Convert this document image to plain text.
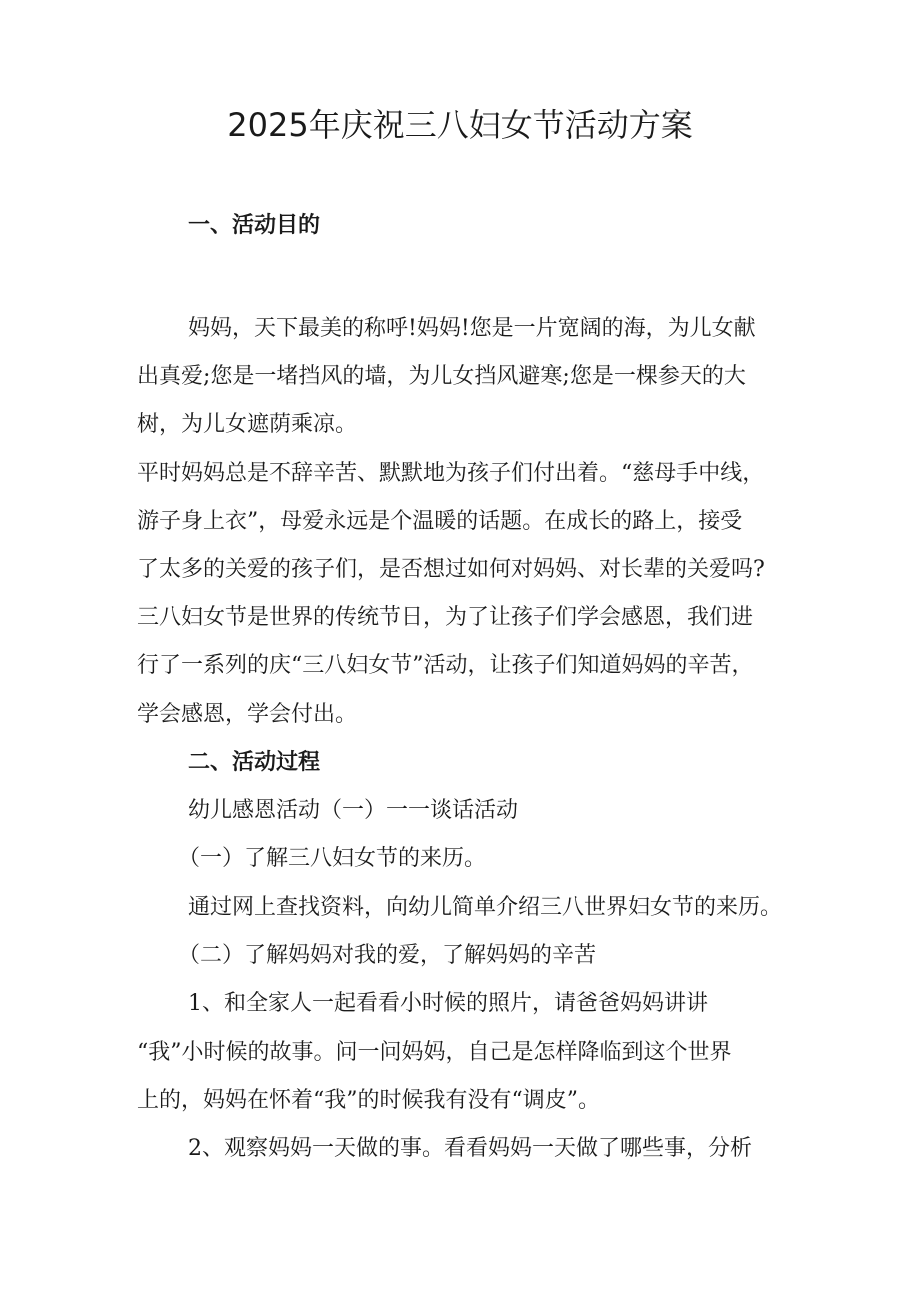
2025年庆祝三八妇女节活动方案
一、活动目的

妈妈，天下最美的称呼!妈妈!您是一片宽阔的海，为儿女献

出真爱;您是一堵挡风的墙，为儿女挡风避寒;您是一棵参天的大

树，为儿女遮荫乘凉。

平时妈妈总是不辞辛苦、默默地为孩子们付出着。“慈母手中线，

游子身上衣”，母爱永远是个温暖的话题。在成长的路上，接受

了太多的关爱的孩子们，是否想过如何对妈妈、对长辈的关爱吗?

三八妇女节是世界的传统节日，为了让孩子们学会感恩，我们进

行了一系列的庆“三八妇女节”活动，让孩子们知道妈妈的辛苦，

学会感恩，学会付出。

二、活动过程

幼儿感恩活动（一）一一谈话活动

（一）了解三八妇女节的来历。

通过网上查找资料，向幼儿简单介绍三八世界妇女节的来历。

（二）了解妈妈对我的爱，了解妈妈的辛苦

1、和全家人一起看看小时候的照片，请爸爸妈妈讲讲

“我”小时候的故事。问一问妈妈，自己是怎样降临到这个世界

上的，妈妈在怀着“我”的时候我有没有“调皮”。

2、观察妈妈一天做的事。看看妈妈一天做了哪些事，分析
